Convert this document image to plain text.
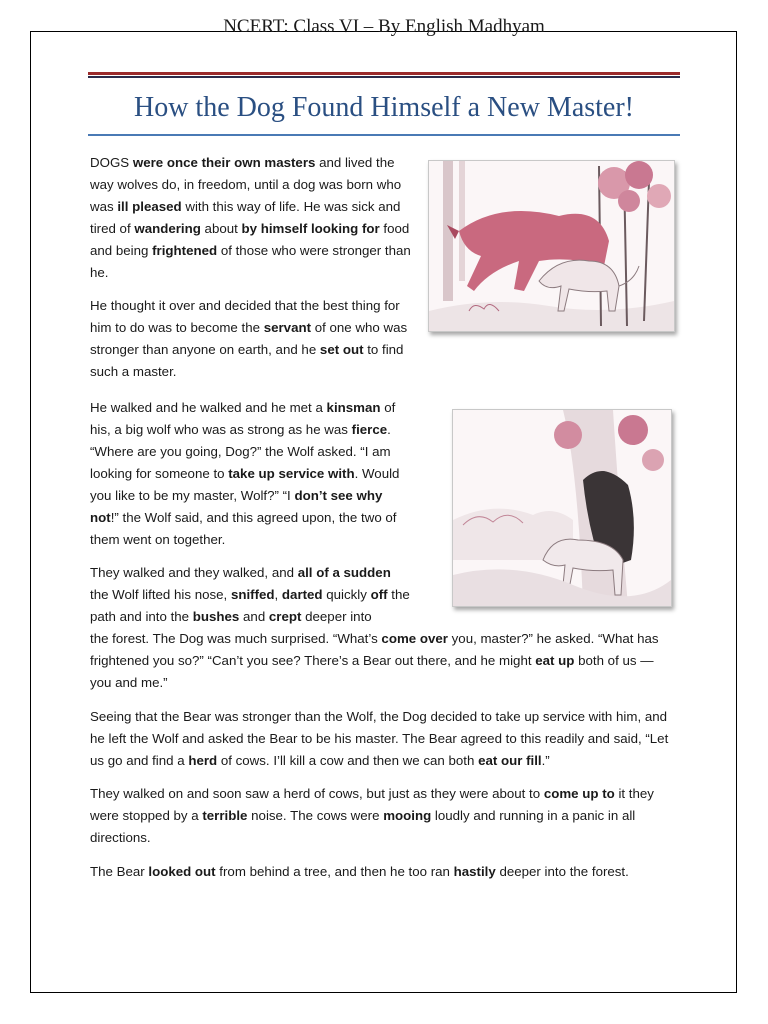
NCERT: Class VI – By English Madhyam
How the Dog Found Himself a New Master!

DOGS were once their own masters and lived the way wolves do, in freedom, until a dog was born who was ill pleased with this way of life. He was sick and tired of wandering about by himself looking for food and being frightened of those who were stronger than he.

He thought it over and decided that the best thing for him to do was to become the servant of one who was stronger than anyone on earth, and he set out to find such a master.

He walked and he walked and he met a kinsman of his, a big wolf who was as strong as he was fierce. “Where are you going, Dog?” the Wolf asked. “I am looking for someone to take up service with. Would you like to be my master, Wolf?” “I don’t see why not!” the Wolf said, and this agreed upon, the two of them went on together.

They walked and they walked, and all of a sudden the Wolf lifted his nose, sniffed, darted quickly off the path and into the bushes and crept deeper into

the forest. The Dog was much surprised. “What’s come over you, master?” he asked. “What has frightened you so?” “Can’t you see? There’s a Bear out there, and he might eat up both of us — you and me.”

Seeing that the Bear was stronger than the Wolf, the Dog decided to take up service with him, and he left the Wolf and asked the Bear to be his master. The Bear agreed to this readily and said, “Let us go and find a herd of cows. I’ll kill a cow and then we can both eat our fill.”

They walked on and soon saw a herd of cows, but just as they were about to come up to it they were stopped by a terrible noise. The cows were mooing loudly and running in a panic in all directions.

The Bear looked out from behind a tree, and then he too ran hastily deeper into the forest.
